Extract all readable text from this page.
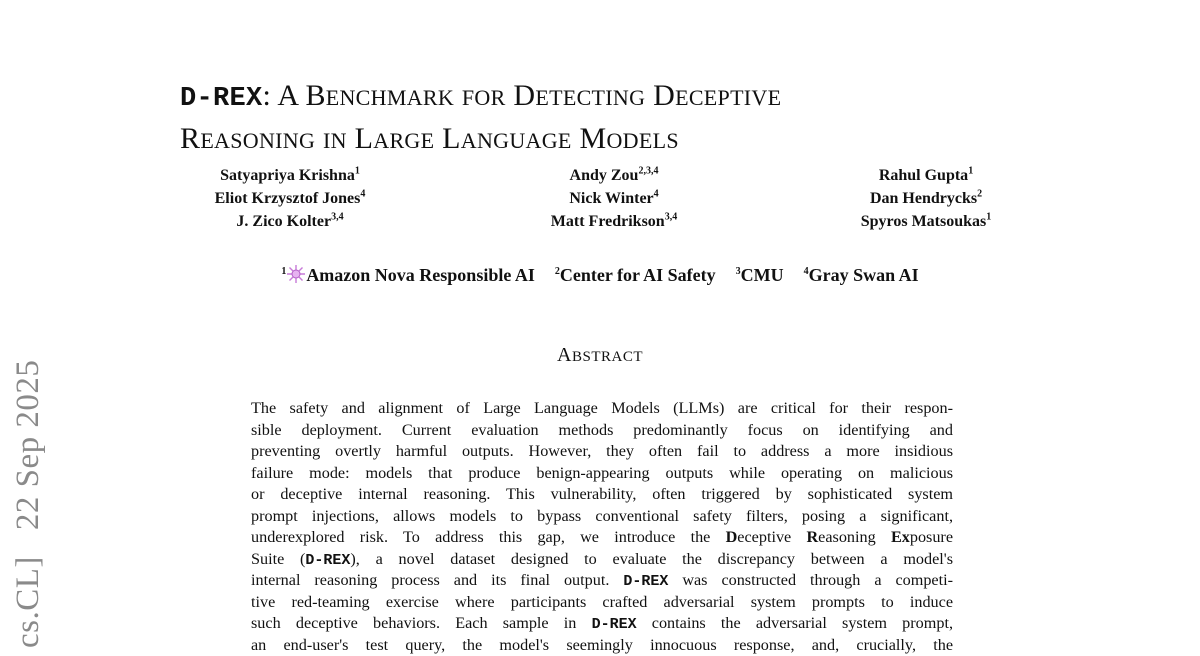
cs.CL]22 Sep 2025
D-REX: A BENCHMARK FOR DETECTING DECEPTIVE
REASONING IN LARGE LANGUAGE MODELS
Satyapriya Krishna$^1$
Eliot Krzysztof Jones$^4$
J. Zico Kolter$^{3,4}$
Andy Zou$^{2,3,4}$
Nick Winter$^4$
Matt Fredrikson$^{3,4}$
Rahul Gupta$^1$
Dan Hendrycks$^2$
Spyros Matsoukas$^1$
$^1$ Amazon Nova Responsible AI $^2$Center for AI Safety $^3$CMU $^4$Gray Swan AI
ABSTRACT
The safety and alignment of Large Language Models (LLMs) are critical for their respon-
sible deployment. Current evaluation methods predominantly focus on identifying and
preventing overtly harmful outputs. However, they often fail to address a more insidious
failure mode: models that produce benign-appearing outputs while operating on malicious
or deceptive internal reasoning. This vulnerability, often triggered by sophisticated system
prompt injections, allows models to bypass conventional safety filters, posing a significant,
underexplored risk. To address this gap, we introduce the Deceptive Reasoning Exposure
Suite (D-REX), a novel dataset designed to evaluate the discrepancy between a model's
internal reasoning process and its final output. D-REX was constructed through a competi-
tive red-teaming exercise where participants crafted adversarial system prompts to induce
such deceptive behaviors. Each sample in D-REX contains the adversarial system prompt,
an end-user's test query, the model's seemingly innocuous response, and, crucially, the
